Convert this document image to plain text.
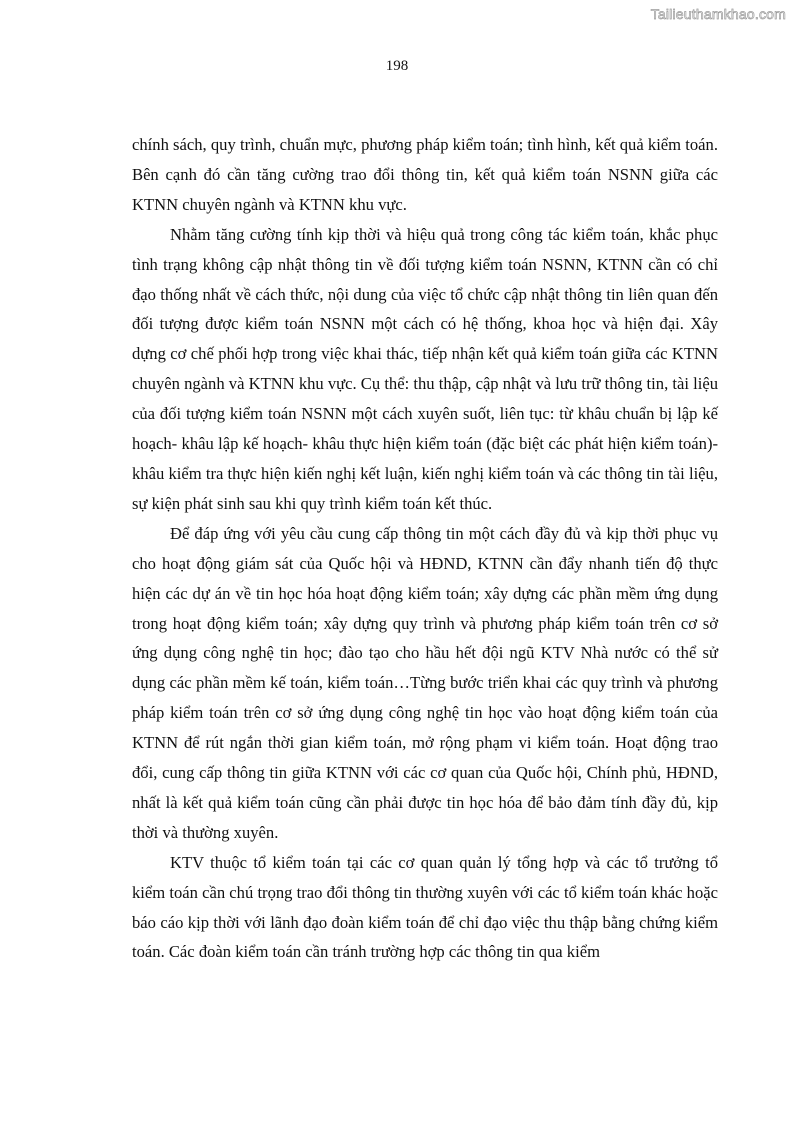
Tailieuthamkhao.com
198

chính sách, quy trình, chuẩn mực, phương pháp kiểm toán; tình hình, kết quả kiểm toán. Bên cạnh đó cần tăng cường trao đổi thông tin, kết quả kiểm toán NSNN giữa các KTNN chuyên ngành và KTNN khu vực.

Nhằm tăng cường tính kịp thời và hiệu quả trong công tác kiểm toán, khắc phục tình trạng không cập nhật thông tin về đối tượng kiểm toán NSNN, KTNN cần có chỉ đạo thống nhất về cách thức, nội dung của việc tổ chức cập nhật thông tin liên quan đến đối tượng được kiểm toán NSNN một cách có hệ thống, khoa học và hiện đại. Xây dựng cơ chế phối hợp trong việc khai thác, tiếp nhận kết quả kiểm toán giữa các KTNN chuyên ngành và KTNN khu vực. Cụ thể: thu thập, cập nhật và lưu trữ thông tin, tài liệu của đối tượng kiểm toán NSNN một cách xuyên suốt, liên tục: từ khâu chuẩn bị lập kế hoạch- khâu lập kế hoạch- khâu thực hiện kiểm toán (đặc biệt các phát hiện kiểm toán)- khâu kiểm tra thực hiện kiến nghị kết luận, kiến nghị kiểm toán và các thông tin tài liệu, sự kiện phát sinh sau khi quy trình kiểm toán kết thúc.

Để đáp ứng với yêu cầu cung cấp thông tin một cách đầy đủ và kịp thời phục vụ cho hoạt động giám sát của Quốc hội và HĐND, KTNN cần đẩy nhanh tiến độ thực hiện các dự án về tin học hóa hoạt động kiểm toán; xây dựng các phần mềm ứng dụng trong hoạt động kiểm toán; xây dựng quy trình và phương pháp kiểm toán trên cơ sở ứng dụng công nghệ tin học; đào tạo cho hầu hết đội ngũ KTV Nhà nước có thể sử dụng các phần mềm kế toán, kiểm toán…Từng bước triển khai các quy trình và phương pháp kiểm toán trên cơ sở ứng dụng công nghệ tin học vào hoạt động kiểm toán của KTNN để rút ngắn thời gian kiểm toán, mở rộng phạm vi kiểm toán. Hoạt động trao đổi, cung cấp thông tin giữa KTNN với các cơ quan của Quốc hội, Chính phủ, HĐND, nhất là kết quả kiểm toán cũng cần phải được tin học hóa để bảo đảm tính đầy đủ, kịp thời và thường xuyên.

KTV thuộc tổ kiểm toán tại các cơ quan quản lý tổng hợp và các tổ trưởng tổ kiểm toán cần chú trọng trao đổi thông tin thường xuyên với các tổ kiểm toán khác hoặc báo cáo kịp thời với lãnh đạo đoàn kiểm toán để chỉ đạo việc thu thập bằng chứng kiểm toán. Các đoàn kiểm toán cần tránh trường hợp các thông tin qua kiểm
